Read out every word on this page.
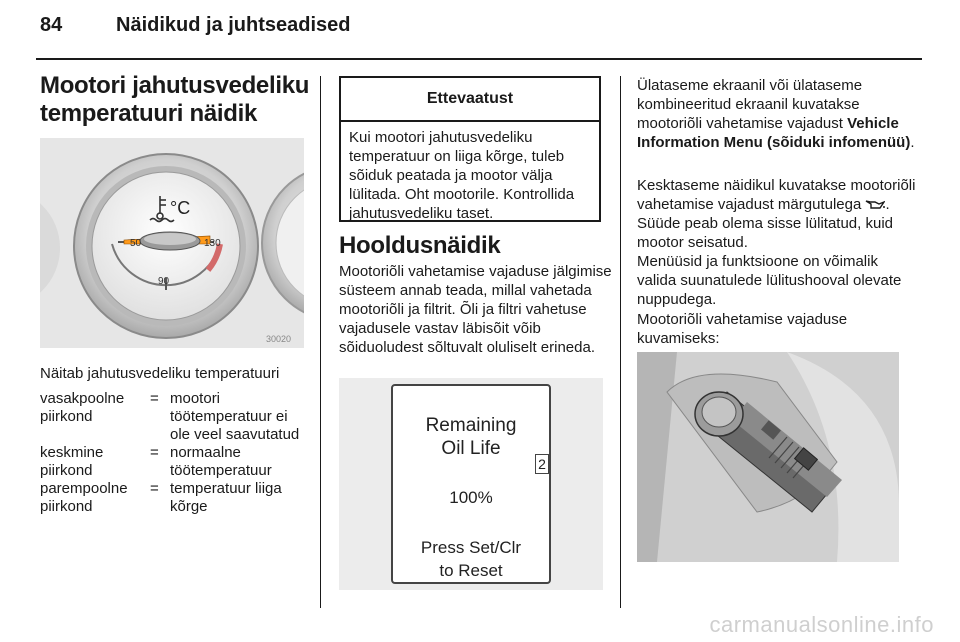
84	Näidikud ja juhtseadised
Mootori jahutusvedeliku
temperatuuri näidik
°C
50
90
130
30020
Näitab jahutusvedeliku temperatuuri
vasakpoolne piirkond	=	mootori töötemperatuur ei ole veel saavutatud
keskmine piirkond	=	normaalne töötemperatuur
parempoolne piirkond	=	temperatuur liiga kõrge
Ettevaatust
Kui mootori jahutusvedeliku temperatuur on liiga kõrge, tuleb sõiduk peatada ja mootor välja lülitada. Oht mootorile. Kontrollida jahutusvedeliku taset.
Hooldusnäidik
Mootoriõli vahetamise vajaduse jälgimise süsteem annab teada, millal vahetada mootoriõli ja filtrit. Õli ja filtri vahetuse vajadusele vastav läbisõit võib sõiduoludest sõltuvalt oluliselt erineda.
Remaining
Oil Life
100%
Press Set/Clr
to Reset
2
Ülataseme ekraanil või ülataseme kombineeritud ekraanil kuvatakse mootoriõli vahetamise vajadust Vehicle Information Menu (sõiduki infomenüü).
Kesktaseme näidikul kuvatakse mootoriõli vahetamise vajadust märgutulega . Süüde peab olema sisse lülitatud, kuid mootor seisatud.
Menüüsid ja funktsioone on võimalik valida suunatulede lülitushooval olevate nuppudega.
Mootoriõli vahetamise vajaduse kuvamiseks:
carmanualsonline.info
